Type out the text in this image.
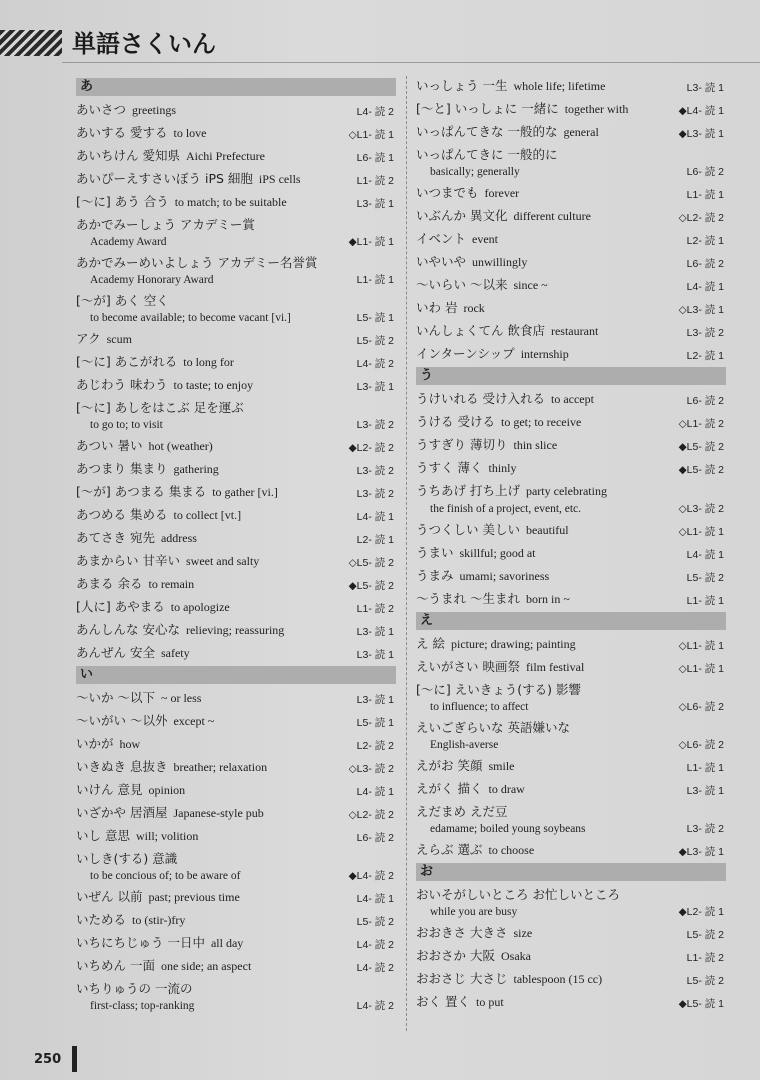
単語さくいん
あ
あいさつ greetings	L4- 読 2
あいする 愛する to love	◇L1- 読 1
あいちけん 愛知県 Aichi Prefecture	L6- 読 1
あいぴーえすさいぼう iPS 細胞 iPS cells	L1- 読 2
[〜に] あう 合う to match; to be suitable	L3- 読 1
あかでみーしょう アカデミー賞
Academy Award	◆L1- 読 1
あかでみーめいよしょう アカデミー名誉賞
Academy Honorary Award	L1- 読 1
[〜が] あく 空く
to become available; to become vacant [vi.]	L5- 読 1
アク scum	L5- 読 2
[〜に] あこがれる to long for	L4- 読 2
あじわう 味わう to taste; to enjoy	L3- 読 1
[〜に] あしをはこぶ 足を運ぶ
to go to; to visit	L3- 読 2
あつい 暑い hot (weather)	◆L2- 読 2
あつまり 集まり gathering	L3- 読 2
[〜が] あつまる 集まる to gather [vi.]	L3- 読 2
あつめる 集める to collect [vt.]	L4- 読 1
あてさき 宛先 address	L2- 読 1
あまからい 甘辛い sweet and salty	◇L5- 読 2
あまる 余る to remain	◆L5- 読 2
[人に] あやまる to apologize	L1- 読 2
あんしんな 安心な relieving; reassuring	L3- 読 1
あんぜん 安全 safety	L3- 読 1
い
〜いか 〜以下 ~ or less	L3- 読 1
〜いがい 〜以外 except ~	L5- 読 1
いかが how	L2- 読 2
いきぬき 息抜き breather; relaxation	◇L3- 読 2
いけん 意見 opinion	L4- 読 1
いざかや 居酒屋 Japanese-style pub	◇L2- 読 2
いし 意思 will; volition	L6- 読 2
いしき(する) 意識
to be concious of; to be aware of	◆L4- 読 2
いぜん 以前 past; previous time	L4- 読 1
いためる to (stir-)fry	L5- 読 2
いちにちじゅう 一日中 all day	L4- 読 2
いちめん 一面 one side; an aspect	L4- 読 2
いちりゅうの 一流の
first-class; top-ranking	L4- 読 2
いっしょう 一生 whole life; lifetime	L3- 読 1
[〜と] いっしょに 一緒に together with	◆L4- 読 1
いっぱんてきな 一般的な general	◆L3- 読 1
いっぱんてきに 一般的に
basically; generally	L6- 読 2
いつまでも forever	L1- 読 1
いぶんか 異文化 different culture	◇L2- 読 2
イベント event	L2- 読 1
いやいや unwillingly	L6- 読 2
〜いらい 〜以来 since ~	L4- 読 1
いわ 岩 rock	◇L3- 読 1
いんしょくてん 飲食店 restaurant	L3- 読 2
インターンシップ internship	L2- 読 1
う
うけいれる 受け入れる to accept	L6- 読 2
うける 受ける to get; to receive	◇L1- 読 2
うすぎり 薄切り thin slice	◆L5- 読 2
うすく 薄く thinly	◆L5- 読 2
うちあげ 打ち上げ party celebrating
the finish of a project, event, etc.	◇L3- 読 2
うつくしい 美しい beautiful	◇L1- 読 1
うまい skillful; good at	L4- 読 1
うまみ umami; savoriness	L5- 読 2
〜うまれ 〜生まれ born in ~	L1- 読 1
え
え 絵 picture; drawing; painting	◇L1- 読 1
えいがさい 映画祭 film festival	◇L1- 読 1
[〜に] えいきょう(する) 影響
to influence; to affect	◇L6- 読 2
えいごぎらいな 英語嫌いな
English-averse	◇L6- 読 2
えがお 笑顔 smile	L1- 読 1
えがく 描く to draw	L3- 読 1
えだまめ えだ豆
edamame; boiled young soybeans	L3- 読 2
えらぶ 選ぶ to choose	◆L3- 読 1
お
おいそがしいところ お忙しいところ
while you are busy	◆L2- 読 1
おおきさ 大きさ size	L5- 読 2
おおさか 大阪 Osaka	L1- 読 2
おおさじ 大さじ tablespoon (15 cc)	L5- 読 2
おく 置く to put	◆L5- 読 1
250
